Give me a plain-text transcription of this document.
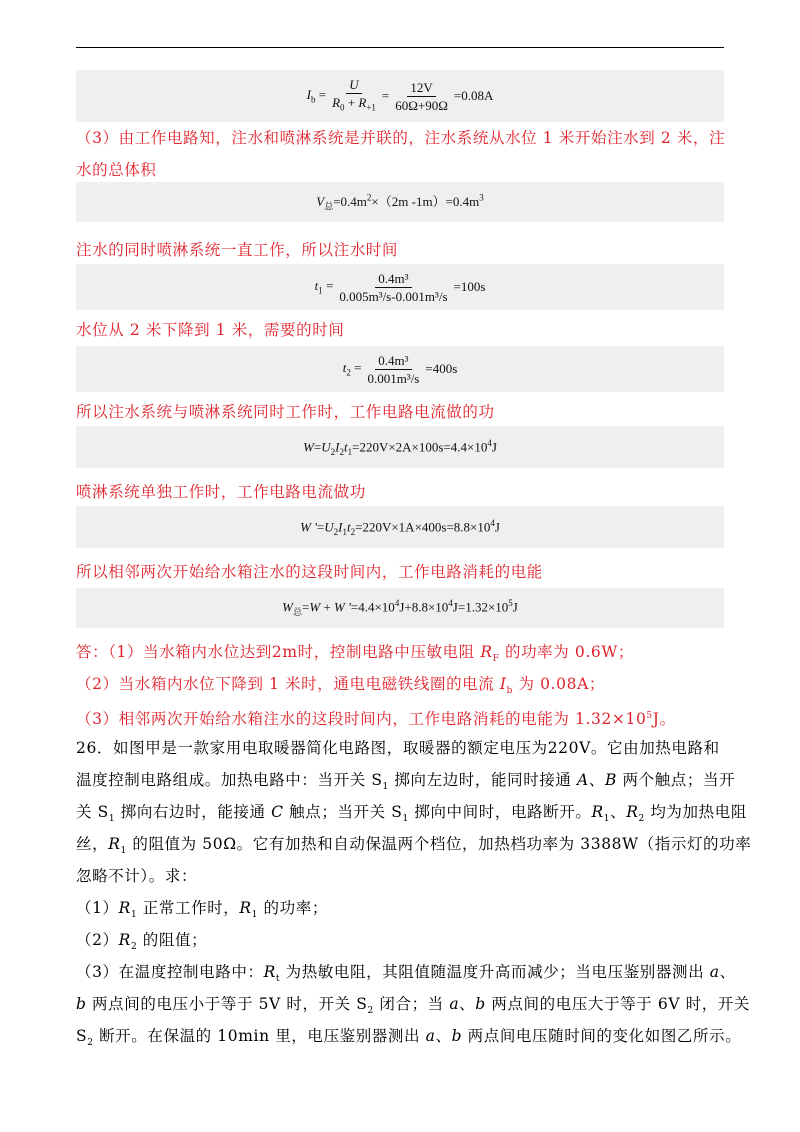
$I_b = \frac{U}{R_0 + R_{+1}} = \frac{12V}{60\Omega+90\Omega} =0.08A$
（3）由工作电路知，注水和喷淋系统是并联的，注水系统从水位 1 米开始注水到 2 米，注
水的总体积
$V_总=0.4m^2\times(2m$ $-1m)=0.4m^3$
注水的同时喷淋系统一直工作，所以注水时间
$t_1 = \frac{\text{0.4m³}}{\text{0.005m³/s-0.001m³/s}} =100s$
水位从 2 米下降到 1 米，需要的时间
$t_2 = \frac{\text{0.4m³}}{\text{0.001m³/s}} =400s$
所以注水系统与喷淋系统同时工作时，工作电路电流做的功
$W=U_2I_2t_1=220V\times 2A\times 100s=4.4\times 10^4J$
喷淋系统单独工作时，工作电路电流做功
W '$=U_2I_1t_2=220V\times 1A\times 400s=8.8\times 10^4J$
所以相邻两次开始给水箱注水的这段时间内，工作电路消耗的电能
$W_总=W + W$ '$=4.4\times 10^4J+8.8\times 10^4J=1.32\times 10^5J$
答：（1）当水箱内水位达到2m时，控制电路中压敏电阻 $R_F$ 的功率为 0.6W；
（2）当水箱内水位下降到 1 米时，通电电磁铁线圈的电流 $I_b$ 为 0.08A；
（3）相邻两次开始给水箱注水的这段时间内，工作电路消耗的电能为 $1.32\times 10^5J$。
26．如图甲是一款家用电取暖器简化电路图，取暖器的额定电压为220V。它由加热电路和
温度控制电路组成。加热电路中：当开关 $S_1$ 掷向左边时，能同时接通 A、B 两个触点；当开
关 $S_1$ 掷向右边时，能接通 C 触点；当开关 $S_1$ 掷向中间时，电路断开。$R_1$、$R_2$ 均为加热电阻
丝，$R_1$ 的阻值为 50Ω。它有加热和自动保温两个档位，加热档功率为 3388W（指示灯的功率
忽略不计）。求：
$(1)R_1$ 正常工作时，$R_1$ 的功率；
$(2)R_2$ 的阻值；
（3）在温度控制电路中：$R_t$ 为热敏电阻，其阻值随温度升高而减少；当电压鉴别器测出 a、
b 两点间的电压小于等于 5V 时，开关 $S_2$ 闭合；当 a、b 两点间的电压大于等于 6V 时，开关
$S_2$ 断开。在保温的 10min 里，电压鉴别器测出 a、b 两点间电压随时间的变化如图乙所示。
